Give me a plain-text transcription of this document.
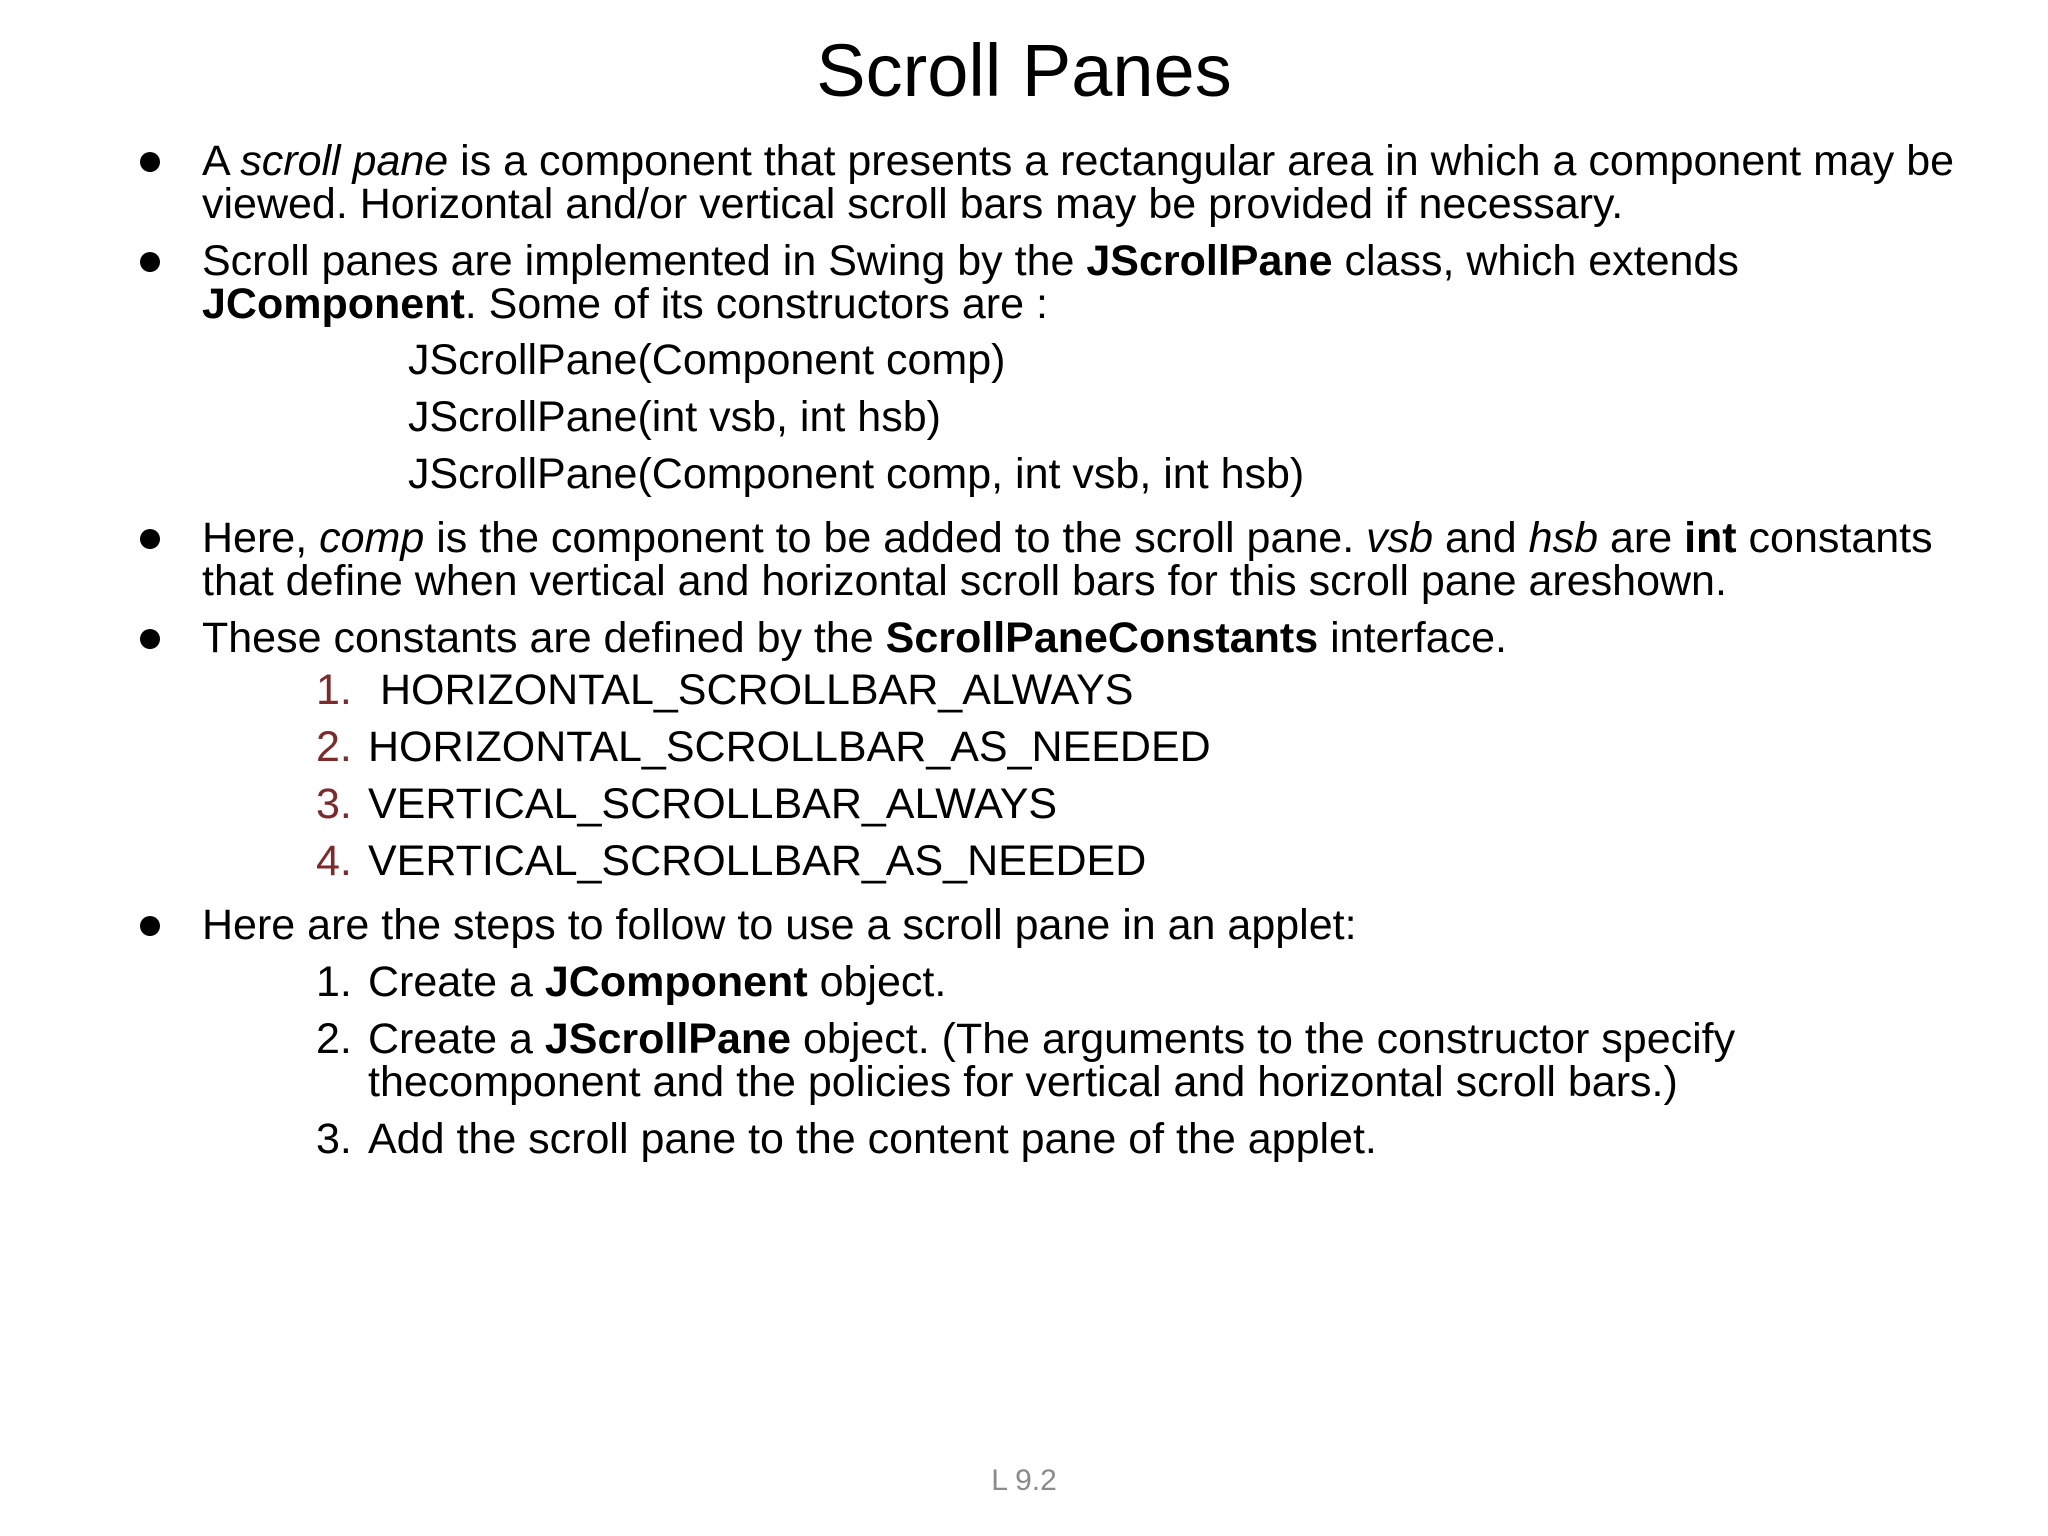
Scroll Panes
A scroll pane is a component that presents a rectangular area in which a component may be viewed. Horizontal and/or vertical scroll bars may be provided if necessary.
Scroll panes are implemented in Swing by the JScrollPane class, which extends JComponent. Some of its constructors are :
JScrollPane(Component comp)
JScrollPane(int vsb, int hsb)
JScrollPane(Component comp, int vsb, int hsb)
Here, comp is the component to be added to the scroll pane. vsb and hsb are int constants that define when vertical and horizontal scroll bars for this scroll pane areshown.
These constants are defined by the ScrollPaneConstants interface.
1. HORIZONTAL_SCROLLBAR_ALWAYS
2. HORIZONTAL_SCROLLBAR_AS_NEEDED
3. VERTICAL_SCROLLBAR_ALWAYS
4. VERTICAL_SCROLLBAR_AS_NEEDED
Here are the steps to follow to use a scroll pane in an applet:
1. Create a JComponent object.
2. Create a JScrollPane object. (The arguments to the constructor specify thecomponent and the policies for vertical and horizontal scroll bars.)
3. Add the scroll pane to the content pane of the applet.
L 9.2
